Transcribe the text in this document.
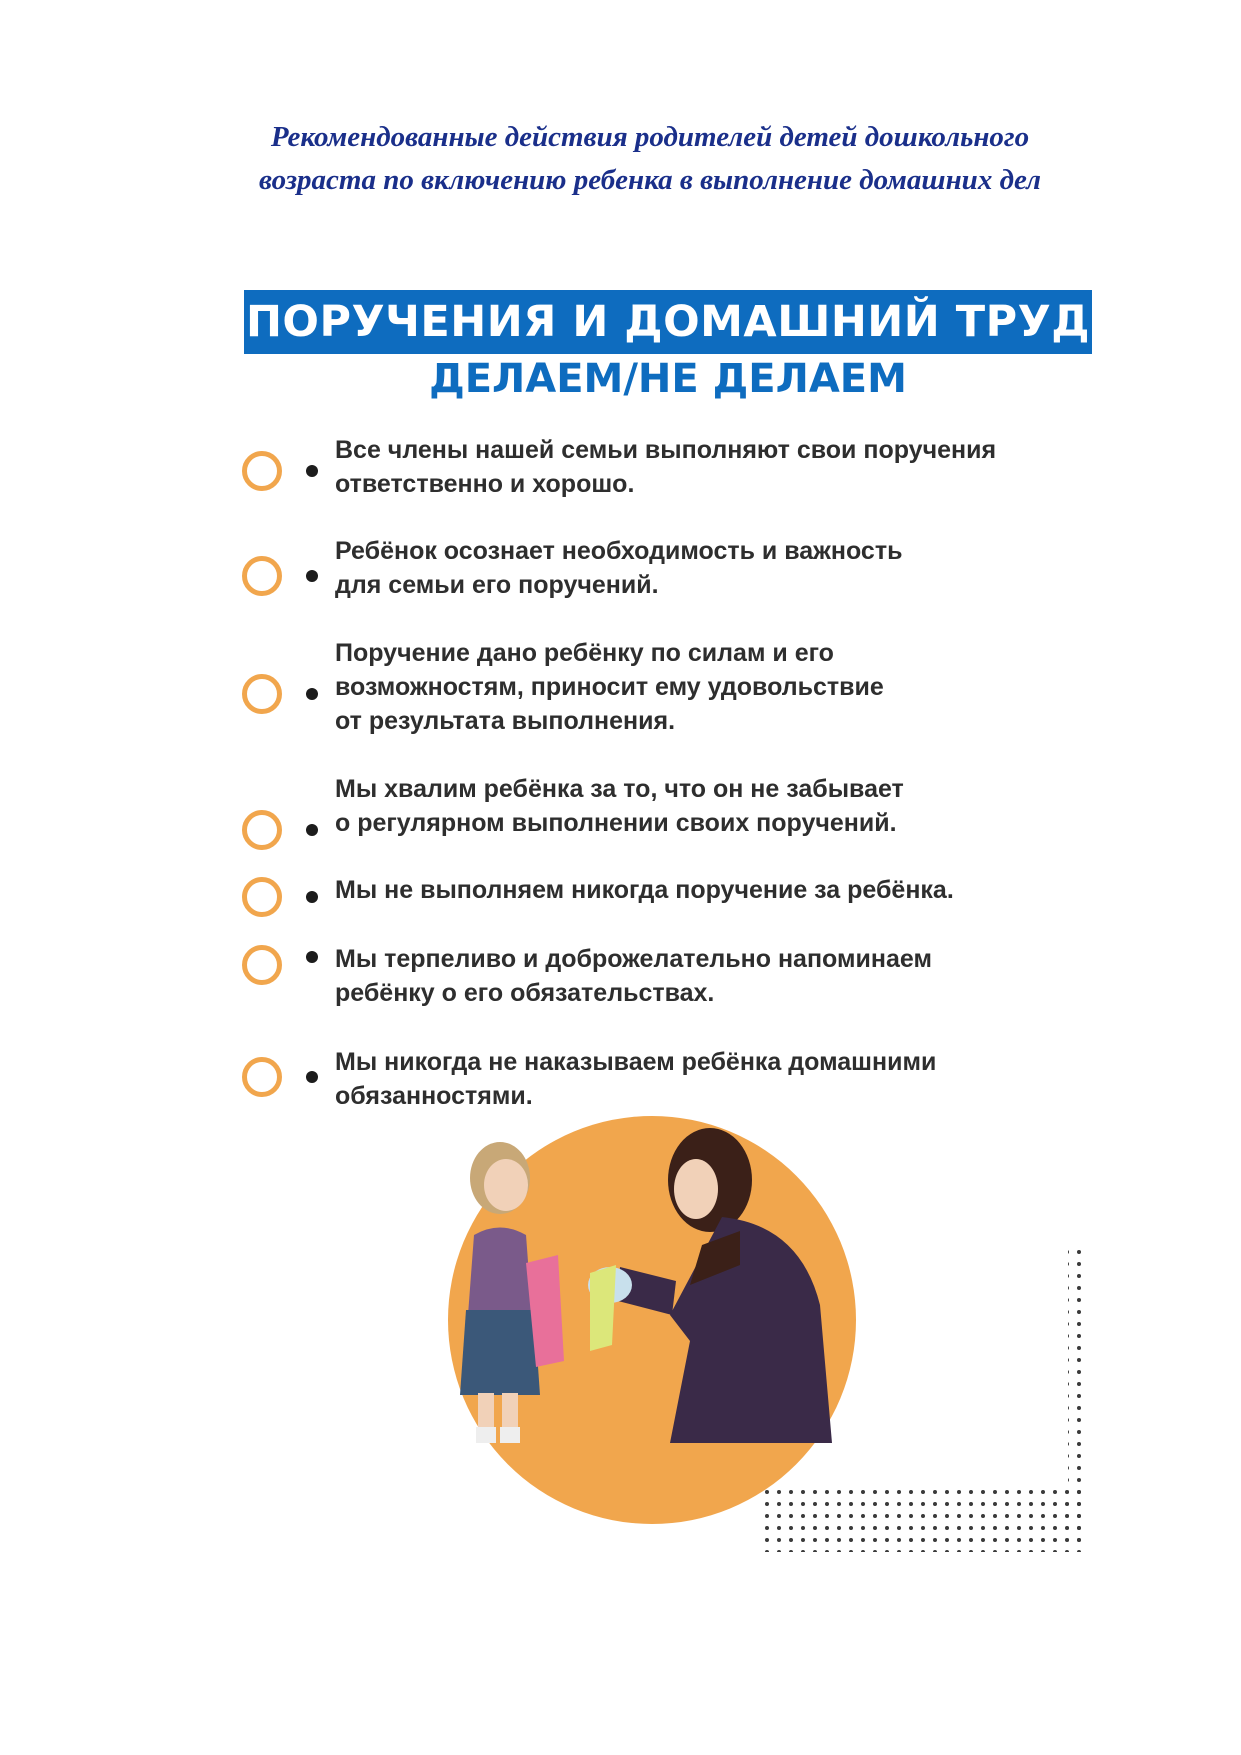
Рекомендованные действия родителей детей дошкольного
возраста по включению ребенка в выполнение домашних дел
ПОРУЧЕНИЯ И ДОМАШНИЙ ТРУД
ДЕЛАЕМ/НЕ ДЕЛАЕМ
Все члены нашей семьи выполняют свои поручения
ответственно и хорошо.
Ребёнок осознает необходимость и важность
для семьи его поручений.
Поручение дано ребёнку по силам и его
возможностям, приносит ему удовольствие
от результата выполнения.
Мы хвалим ребёнка за то, что он не забывает
о регулярном выполнении своих поручений.
Мы не выполняем никогда поручение за ребёнка.
Мы терпеливо и доброжелательно напоминаем
ребёнку о его обязательствах.
Мы никогда не наказываем ребёнка домашними
обязанностями.
